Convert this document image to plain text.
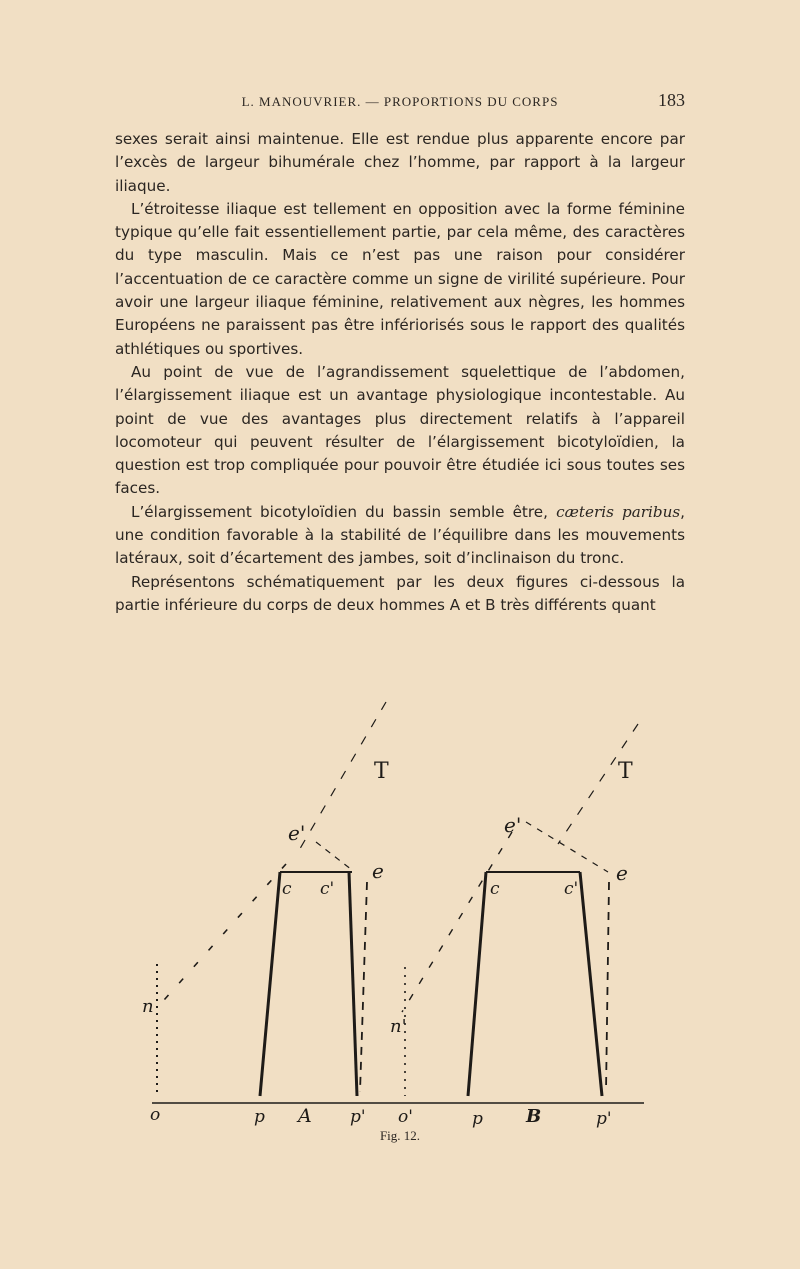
L. MANOUVRIER. — PROPORTIONS DU CORPS	183

sexes serait ainsi maintenue. Elle est rendue plus apparente encore par l’excès de largeur bihumérale chez l’homme, par rapport à la largeur iliaque.

L’étroitesse iliaque est tellement en opposition avec la forme féminine typique qu’elle fait essentiellement partie, par cela même, des caractères du type masculin. Mais ce n’est pas une raison pour considérer l’accentuation de ce caractère comme un signe de virilité supérieure. Pour avoir une largeur iliaque féminine, relativement aux nègres, les hommes Européens ne paraissent pas être infériorisés sous le rapport des qualités athlétiques ou sportives.

Au point de vue de l’agrandissement squelettique de l’abdomen, l’élargissement iliaque est un avantage physiologique incontestable. Au point de vue des avantages plus directement relatifs à l’appareil locomoteur qui peuvent résulter de l’élargissement bicotyloïdien, la question est trop compliquée pour pouvoir être étudiée ici sous toutes ses faces.

L’élargissement bicotyloïdien du bassin semble être, cæteris paribus, une condition favorable à la stabilité de l’équilibre dans les mouvements latéraux, soit d’écartement des jambes, soit d’inclinaison du tronc.

Représentons schématiquement par les deux figures ci-dessous la partie inférieure du corps de deux hommes A et B très différents quant

T	T
e'	e'
e	e
c c'	c	c'
n
n'
o	p A p' o'	p B	p'
Fig. 12.
